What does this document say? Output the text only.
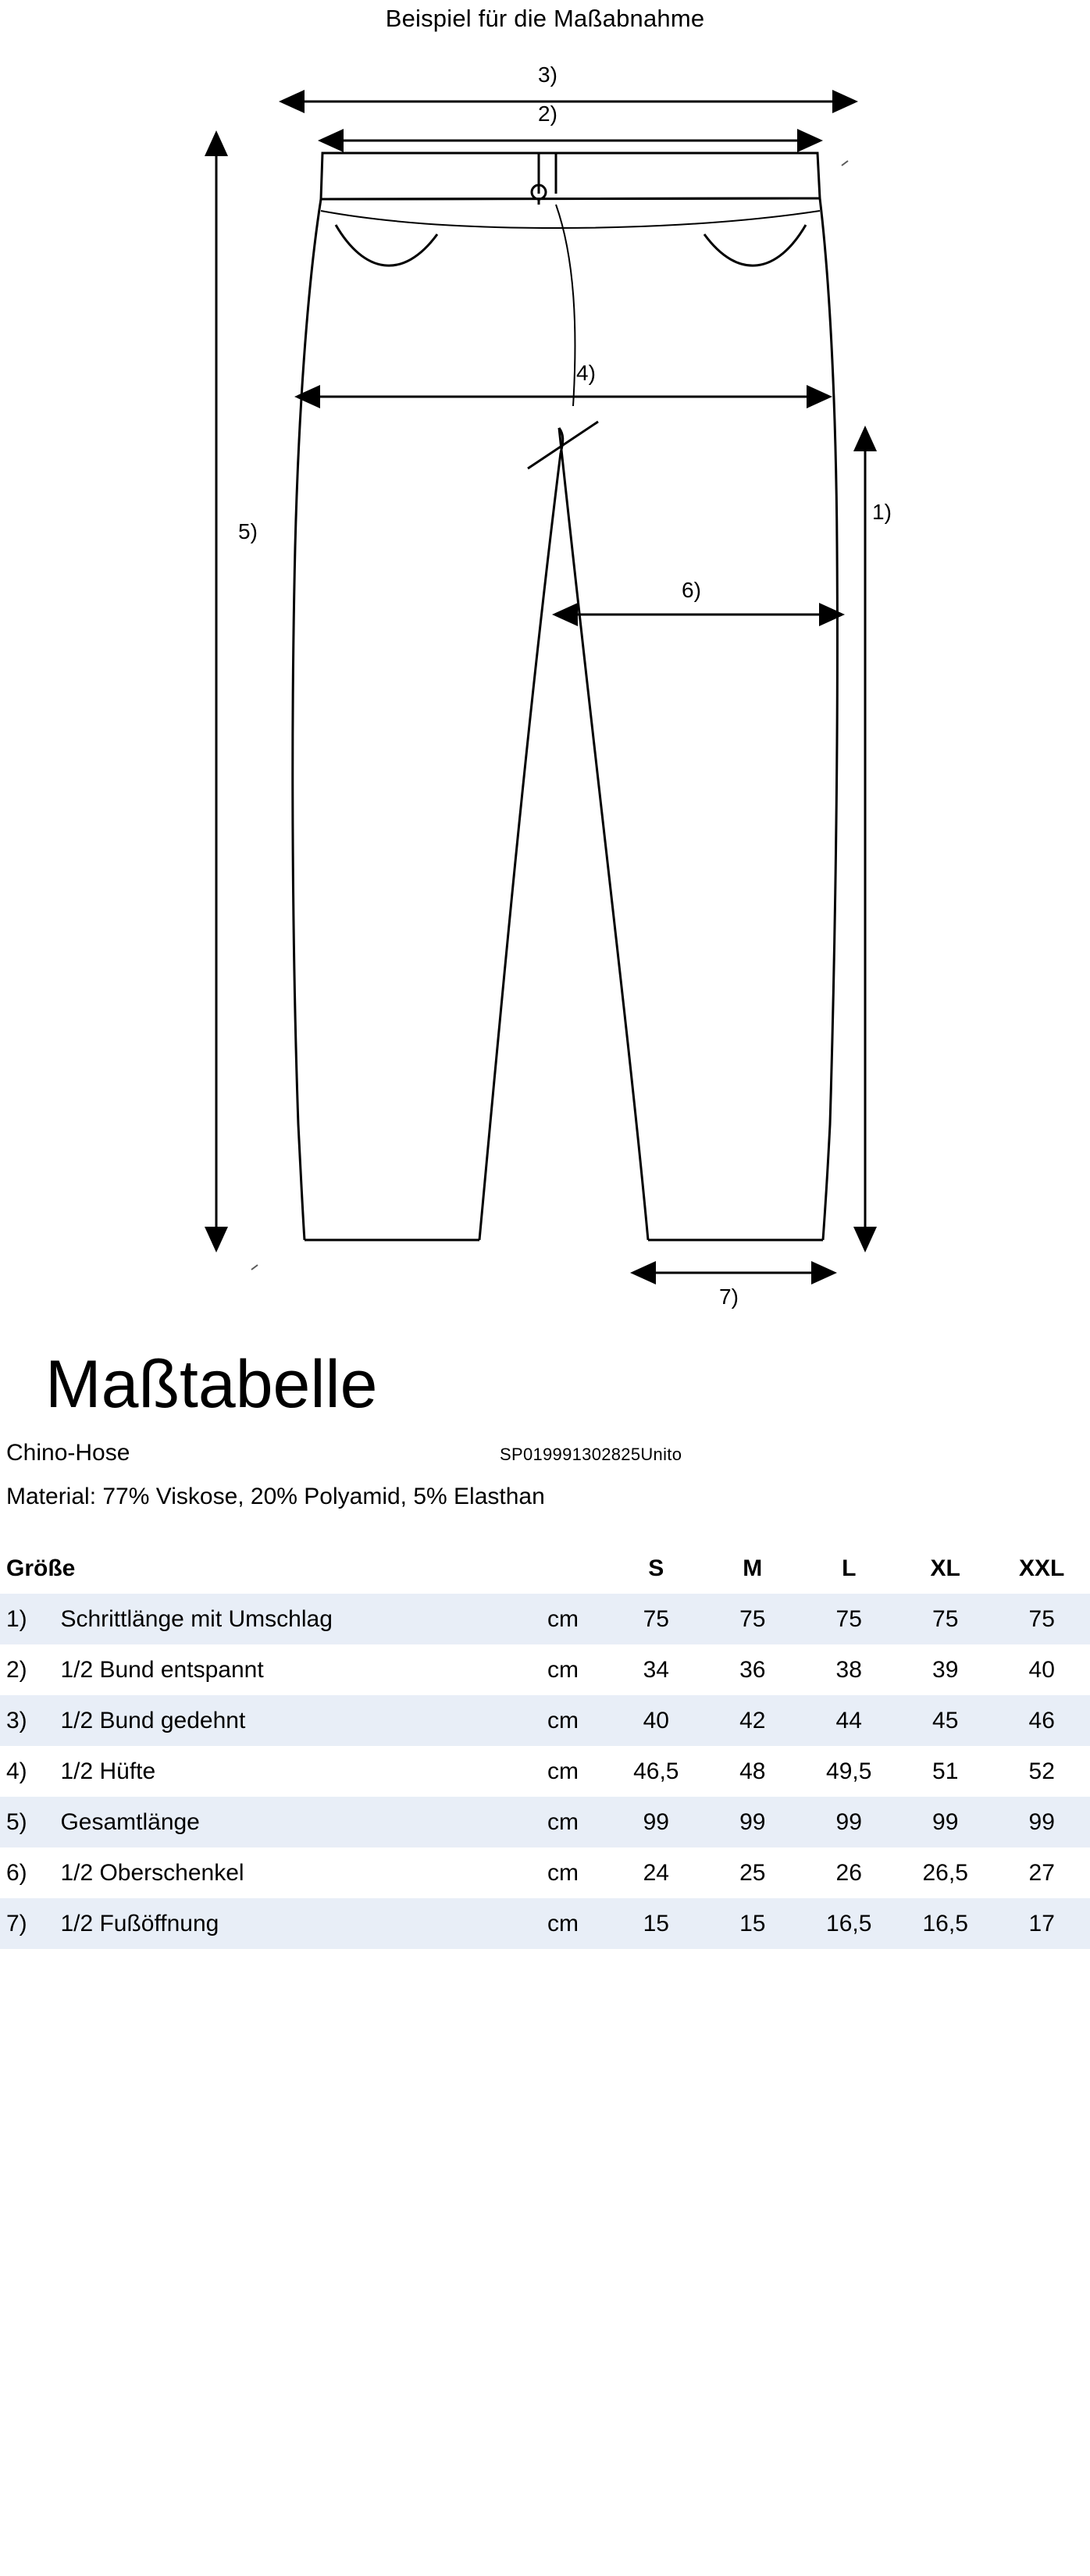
Beispiel für die Maßabnahme
3)
2)
4)
6)
5)
1)
7)
Maßtabelle
Chino-Hose	SP019991302825Unito
Material: 77% Viskose, 20% Polyamid, 5% Elasthan
Größe			S	M	L	XL	XXL
1)	Schrittlänge mit Umschlag	cm	75	75	75	75	75
2)	1/2 Bund entspannt	cm	34	36	38	39	40
3)	1/2 Bund gedehnt	cm	40	42	44	45	46
4)	1/2 Hüfte	cm	46,5	48	49,5	51	52
5)	Gesamtlänge	cm	99	99	99	99	99
6)	1/2 Oberschenkel	cm	24	25	26	26,5	27
7)	1/2 Fußöffnung	cm	15	15	16,5	16,5	17
